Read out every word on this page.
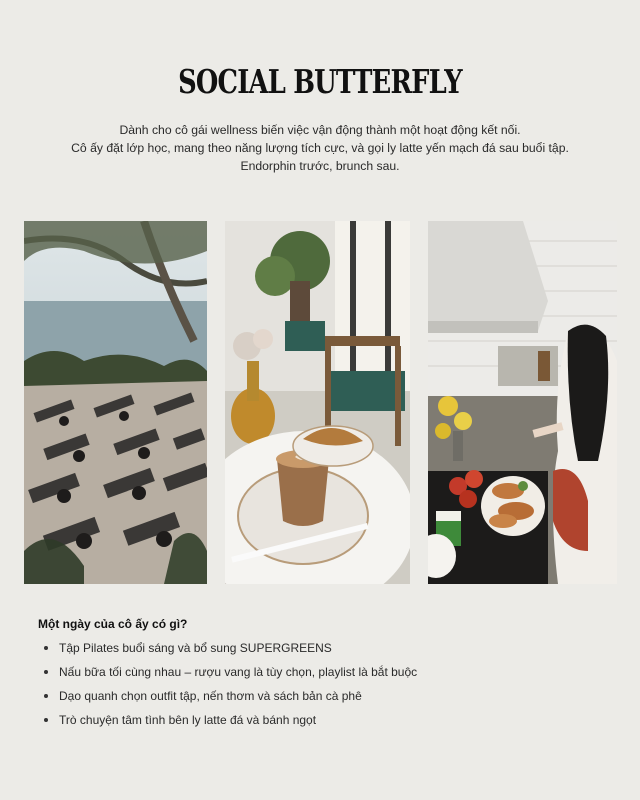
SOCIAL BUTTERFLY
Dành cho cô gái wellness biến việc vận động thành một hoạt động kết nối.
Cô ấy đặt lớp học, mang theo năng lượng tích cực, và gọi ly latte yến mạch đá sau buổi tập.
Endorphin trước, brunch sau.
Một ngày của cô ấy có gì?
Tập Pilates buổi sáng và bổ sung SUPERGREENS
Nấu bữa tối cùng nhau – rượu vang là tùy chọn, playlist là bắt buộc
Dạo quanh chọn outfit tập, nến thơm và sách bản cà phê
Trò chuyện tâm tình bên ly latte đá và bánh ngọt
